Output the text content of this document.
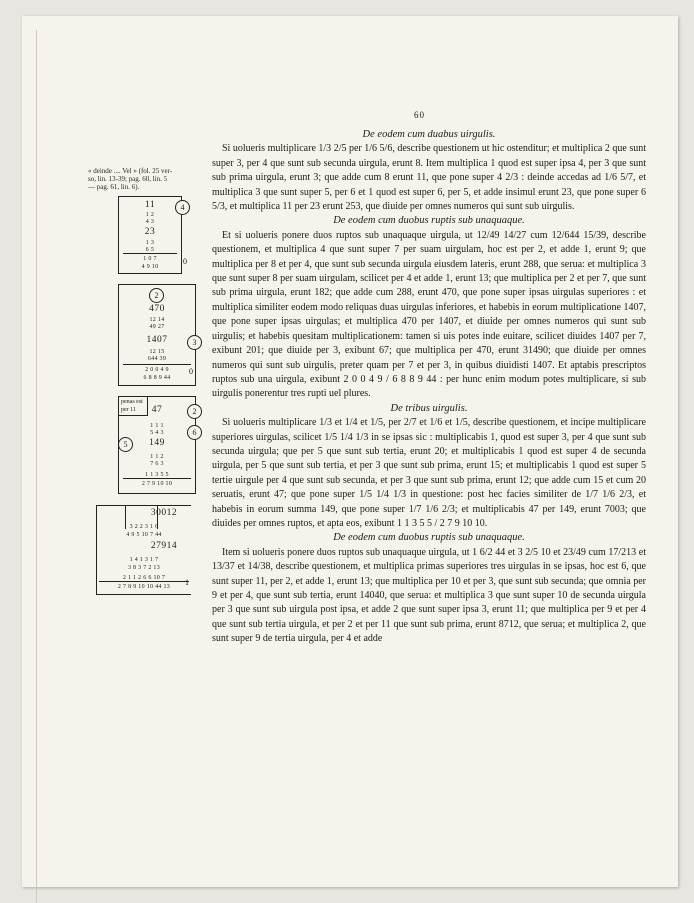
60
« deinde .... Vel » (fol. 25 ver-
so, lin. 13-39; pag. 60, lin. 5
— pag. 61, lin. 6).
4
11
1 2
4 3
23
1 3
6 5
1 0 7
4 9 10
0
2
470
12 14
49 27
3
1407
12 15
644 39
2 0 0 4 9
6 8 8 9 44
0
penas est per 11	2
47
1 1 1
5 4 3
5	149
6
1 1 2
7 6 3
1 1 3 5 5
2 7 9 10 10
30012
3 2 2 3 1 6
4 9 5 10 7 44
27914
1 4 1 3 1 7
3 8 3 7 2 13
2 1 1 2 6 6 10 7
2 7 8 9 10 10 44 13	1
De eodem cum duabus uirgulis.

Si uolueris multiplicare 1/3 2/5 per 1/6 5/6, describe questionem ut hic ostenditur; et multiplica 2 que sunt super 3, per 4 que sunt sub secunda uirgula, erunt 8. Item multiplica 1 quod est super ipsa 4, per 3 que sunt sub prima uirgula, erunt 3; que adde cum 8 erunt 11, que pone super 4 2/3 : deinde accedas ad 1/6 5/7, et multiplica 3 que sunt super 5, per 6 et 1 quod est super 6, per 5, et adde insimul erunt 23, que pone super 6 5/3, et multiplica 11 per 23 erunt 253, que diuide per omnes numeros qui sunt sub uirgulis.

De eodem cum duobus ruptis sub unaquaque.

Et si uolueris ponere duos ruptos sub unaquaque uirgula, ut 12/49 14/27 cum 12/644 15/39, describe questionem, et multiplica 4 que sunt super 7 per suam uirgulam, hoc est per 2, et adde 1, erunt 9; que multiplica per 8 et per 4, que sunt sub secunda uirgula eiusdem lateris, erunt 288, que serua: et multiplica 3 que sunt super 8 per suam uirgulam, scilicet per 4 et adde 1, erunt 13; que multiplica per 2 et per 7, que sunt sub prima uirgula, erunt 182; que adde cum 288, erunt 470, que pone super ipsas uirgulas superiores : et multiplica similiter eodem modo reliquas duas uirgulas inferiores, et habebis in eorum multiplicatione 1407, que pone super ipsas uirgulas; et multiplica 470 per 1407, et diuide per omnes numeros qui sunt sub uirgulis; et habebis quesitam multiplicationem: tamen si uis potes inde euitare, scilicet diuides 1407 per 7, exibunt 201; que diuide per 3, exibunt 67; que multiplica per 470, erunt 31490; que diuide per omnes numeros qui sunt sub uirgulis, preter quam per 7 et per 3, in quibus diuidisti 1407. Et aptabis prescriptos ruptos sub una uirgula, exibunt 2 0 0 4 9 / 6 8 8 9 44 : per hunc enim modum potes multiplicare, si sub uirgulis ponerentur tres rupti uel plures.

De tribus uirgulis.

Si uolueris multiplicare 1/3 et 1/4 et 1/5, per 2/7 et 1/6 et 1/5, describe questionem, et incipe multiplicare superiores uirgulas, scilicet 1/5 1/4 1/3 in se ipsas sic : multiplicabis 1, quod est super 3, per 4 que sunt sub secunda uirgula; que per 5 que sunt sub tertia, erunt 20; et multiplicabis 1 quod est super 4 de secunda uirgula, per 5 que sunt sub tertia, et per 3 que sunt sub prima, erunt 15; et multiplicabis 1 quod est super 5 tertie uirgule per 4 que sunt sub secunda, et per 3 que sunt sub prima, erunt 12; que adde cum 15 et cum 20 seruatis, erunt 47; que pone super 1/5 1/4 1/3 in questione: post hec facies similiter de 1/7 1/6 2/3, et habebis in eorum summa 149, que pone super 1/7 1/6 2/3; et multiplicabis 47 per 149, erunt 7003; que diuides per omnes ruptos, et apta eos, exibunt 1 1 3 5 5 / 2 7 9 10 10.

De eodem cum duobus ruptis sub unaquaque.

Item si uolueris ponere duos ruptos sub unaquaque uirgula, ut 1 6/2 44 et 3 2/5 10 et 23/49 cum 17/213 et 13/37 et 14/38, describe questionem, et multiplica primas superiores tres uirgulas in se ipsas, hoc est 6, que sunt super 11, per 2, et adde 1, erunt 13; que multiplica per 10 et per 3, que sunt sub secunda; que omnia per 9 et per 4, que sunt sub tertia, erunt 14040, que serua: et multiplica 3 que sunt super 10 de secunda uirgula per 3 que sunt sub uirgula post ipsa, et adde 2 que sunt super ipsa 3, erunt 11; que multiplica per 9 et per 4 que sunt sub tertia uirgula, et per 2 et per 11 que sunt sub prima, erunt 8712, que serua; et multiplica 2, que sunt super 9 de tertia uirgula, per 4 et adde
